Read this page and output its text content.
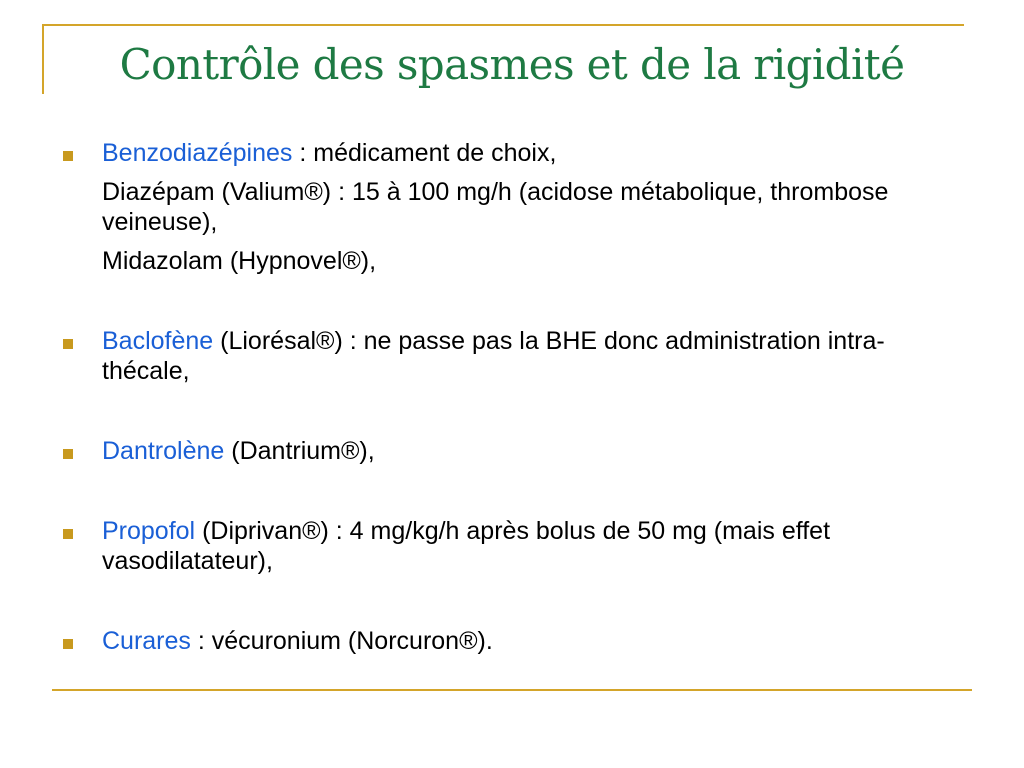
Contrôle des spasmes et de la rigidité
Benzodiazépines : médicament de choix,
Diazépam (Valium®) : 15 à 100 mg/h (acidose métabolique, thrombose veineuse),
Midazolam (Hypnovel®),
Baclofène (Liorésal®) : ne passe pas la BHE donc administration intra-thécale,
Dantrolène (Dantrium®),
Propofol (Diprivan®) : 4 mg/kg/h après bolus de 50 mg (mais effet vasodilatateur),
Curares : vécuronium (Norcuron®).
